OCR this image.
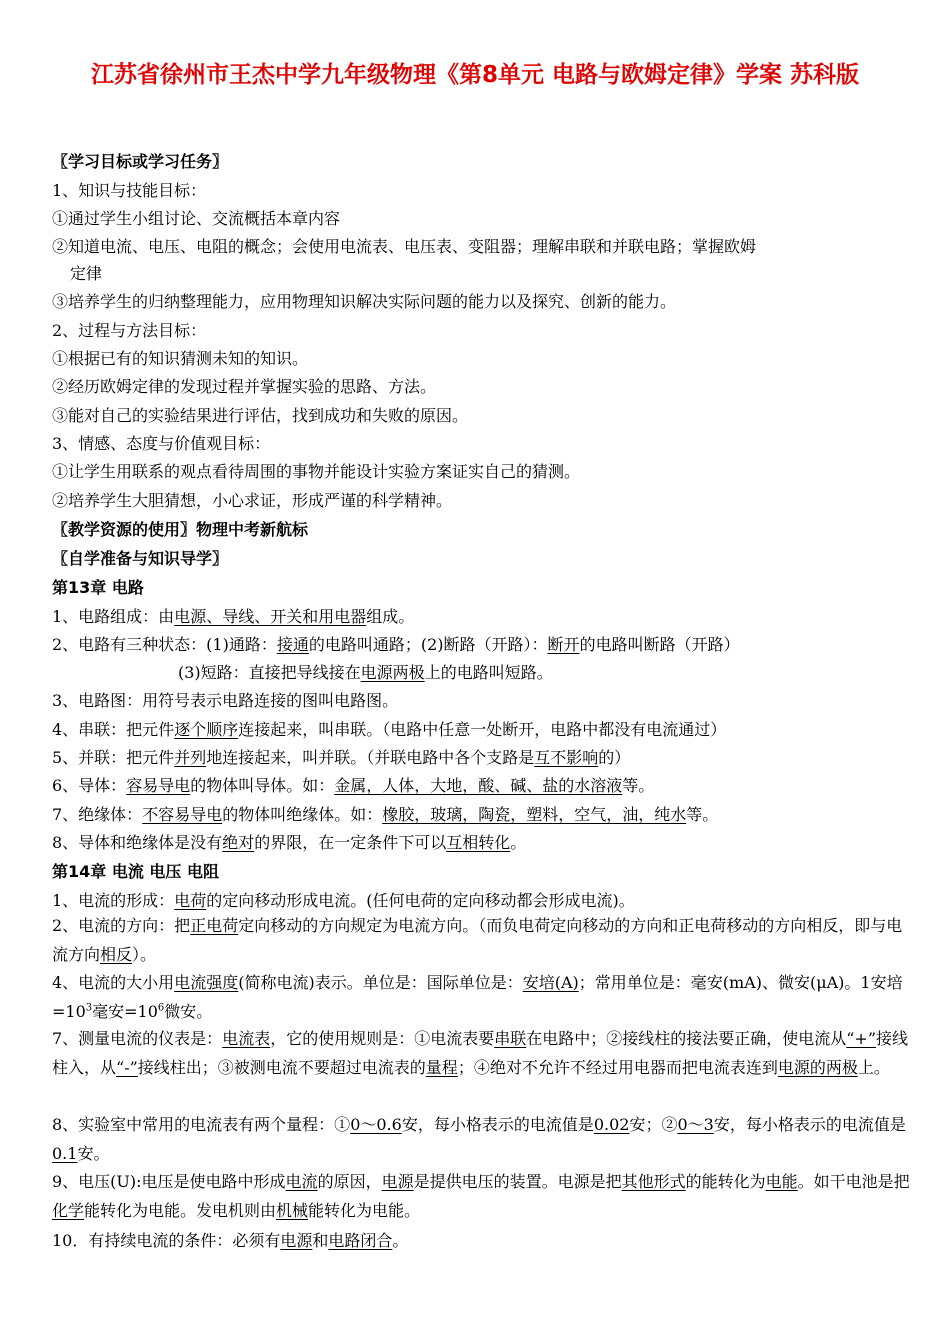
江苏省徐州市王杰中学九年级物理《第8单元 电路与欧姆定律》学案 苏科版
〖学习目标或学习任务〗
1、知识与技能目标：
①通过学生小组讨论、交流概括本章内容
②知道电流、电压、电阻的概念；会使用电流表、电压表、变阻器；理解串联和并联电路；掌握欧姆
定律
③培养学生的归纳整理能力，应用物理知识解决实际问题的能力以及探究、创新的能力。
2、过程与方法目标：
①根据已有的知识猜测未知的知识。
②经历欧姆定律的发现过程并掌握实验的思路、方法。
③能对自己的实验结果进行评估，找到成功和失败的原因。
3、情感、态度与价值观目标：
①让学生用联系的观点看待周围的事物并能设计实验方案证实自己的猜测。
②培养学生大胆猜想，小心求证，形成严谨的科学精神。
〖教学资源的使用〗物理中考新航标
〖自学准备与知识导学〗
第13章 电路
1、电路组成：由电源、导线、开关和用电器组成。
2、电路有三种状态：(1)通路：接通的电路叫通路；(2)断路（开路）：断开的电路叫断路（开路）
(3)短路：直接把导线接在电源两极上的电路叫短路。
3、电路图：用符号表示电路连接的图叫电路图。
4、串联：把元件逐个顺序连接起来，叫串联。（电路中任意一处断开，电路中都没有电流通过）
5、并联：把元件并列地连接起来，叫并联。（并联电路中各个支路是互不影响的）
6、导体：容易导电的物体叫导体。如：金属，人体，大地，酸、碱、盐的水溶液等。
7、绝缘体：不容易导电的物体叫绝缘体。如：橡胶，玻璃，陶瓷，塑料，空气，油，纯水等。
8、导体和绝缘体是没有绝对的界限，在一定条件下可以互相转化。
第14章 电流 电压 电阻
1、电流的形成：电荷的定向移动形成电流。(任何电荷的定向移动都会形成电流)。
2、电流的方向：把正电荷定向移动的方向规定为电流方向。（而负电荷定向移动的方向和正电荷移动的方向相反，即与电流方向相反）。
4、电流的大小用电流强度(简称电流)表示。单位是：国际单位是：安培(A)；常用单位是：毫安(mA)、微安(μA)。1安培$=10^3$毫安$=10^6$微安。
7、测量电流的仪表是：电流表，它的使用规则是：①电流表要串联在电路中；②接线柱的接法要正确，使电流从“+”接线柱入，从“-”接线柱出；③被测电流不要超过电流表的量程；④绝对不允许不经过用电器而把电流表连到电源的两极上。
8、实验室中常用的电流表有两个量程：①0～0.6安，每小格表示的电流值是0.02安；②0～3安，每小格表示的电流值是0.1安。
9、电压(U):电压是使电路中形成电流的原因，电源是提供电压的装置。电源是把其他形式的能转化为电能。如干电池是把化学能转化为电能。发电机则由机械能转化为电能。
10．有持续电流的条件：必须有电源和电路闭合。
